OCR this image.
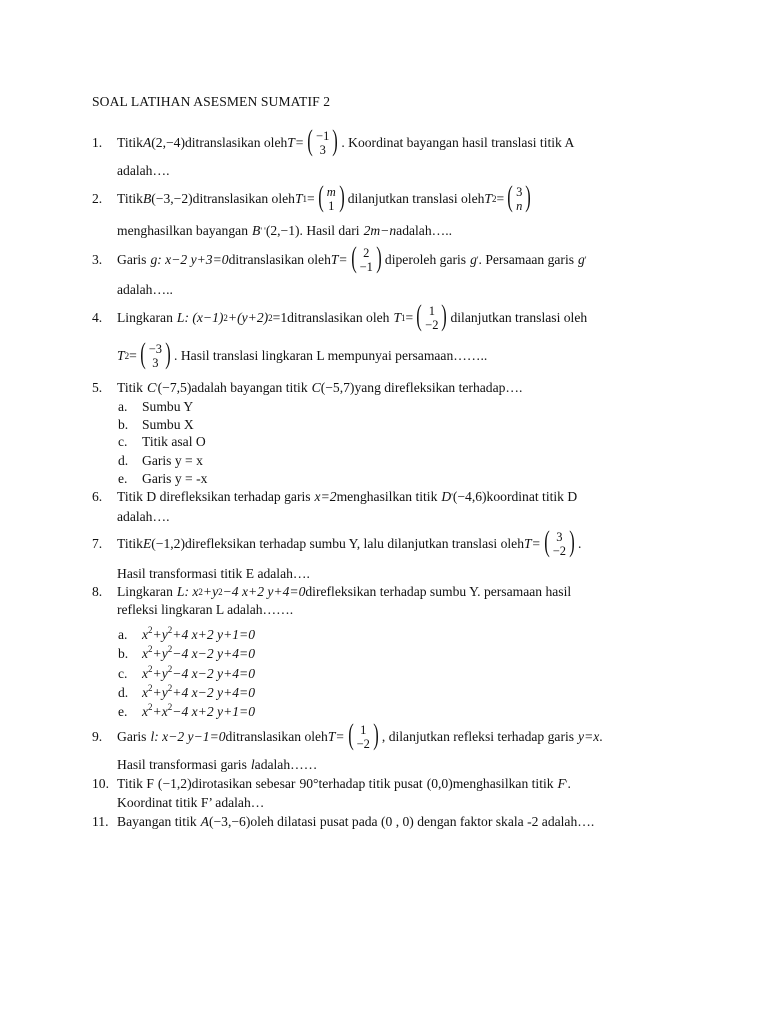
SOAL LATIHAN ASESMEN SUMATIF 2
1.	Titik A (2,−4) ditranslasikan oleh T= ( −1
3 ) . Koordinat bayangan hasil translasi titik A
adalah….
2.	Titik B (−3,−2) ditranslasikan oleh T 1 = ( m
1 ) dilanjutkan translasi oleh T 2 = ( 3
n )
menghasilkan bayangan B ' ' (2,−1) . Hasil dari 2m−n adalah…..
3.	Garis g : x−2 y+3=0 ditranslasikan oleh T= ( 2
−1 ) diperoleh garis g ' . Persamaan garis g '
adalah…..
4.	Lingkaran L : (x−1) 2 +(y+2) 2 =1 ditranslasikan oleh T 1 = ( 1
−2 ) dilanjutkan translasi oleh
T 2 = ( −3
3 ) . Hasil translasi lingkaran L mempunyai persamaan……..
5.	Titik C ' (−7,5) adalah bayangan titik C (−5,7) yang direfleksikan terhadap….
a. Sumbu Y
b. Sumbu X
c. Titik asal O
d. Garis y = x
e. Garis y = -x
6.	Titik D direfleksikan terhadap garis x=2 menghasilkan titik D ' (−4,6) koordinat titik D
adalah….
7.	Titik E (−1,2) direfleksikan terhadap sumbu Y, lalu dilanjutkan translasi oleh T= ( 3
−2 ) .
Hasil transformasi titik E adalah….
8.	Lingkaran L : x 2 +y 2 −4 x+2 y+4=0 direfleksikan terhadap sumbu Y. persamaan hasil
refleksi lingkaran L adalah…….
a. $x^2+y^2+4$ x+2 y+1=0
b. $x^2+y^2-4$ x−2 y+4=0
c. $x^2+y^2-4$ x−2 y+4=0
d. $x^2+y^2+4$ x−2 y+4=0
e. $x^2+x^2-4$ x+2 y+1=0
9.	Garis l : x−2 y−1=0 ditranslasikan oleh T= ( 1
−2 ) , dilanjutkan refleksi terhadap garis y=x .
Hasil transformasi garis l adalah……
10. Titik F (−1,2) dirotasikan sebesar 90° terhadap titik pusat (0,0) menghasilkan titik F ' .
Koordinat titik F’ adalah…
11. Bayangan titik A (−3,−6) oleh dilatasi pusat pada (0 , 0) dengan faktor skala -2 adalah….
